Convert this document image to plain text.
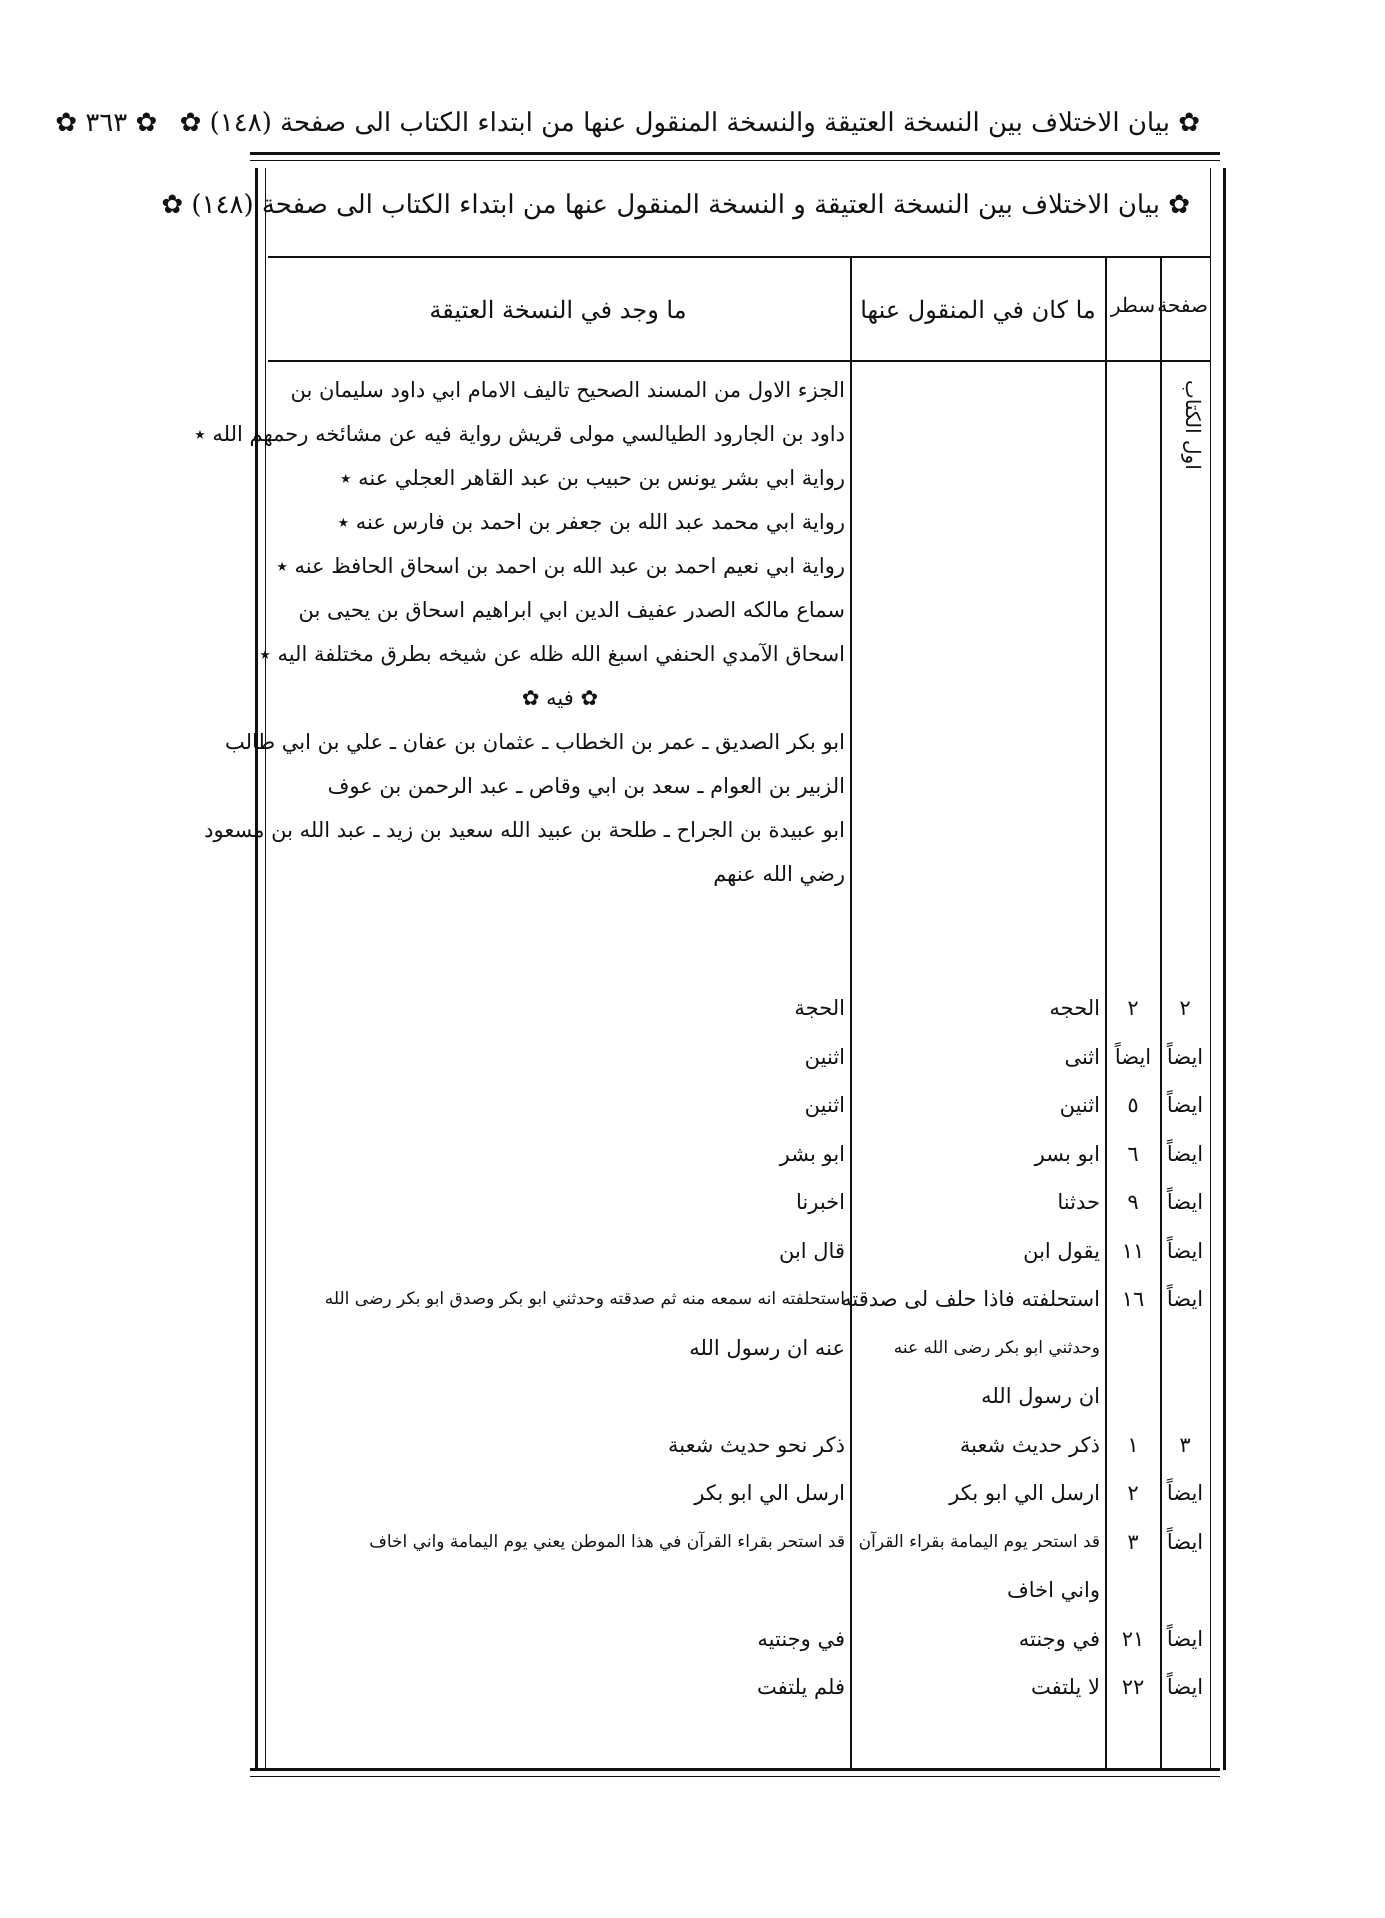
✿ بيان الاختلاف بين النسخة العتيقة والنسخة المنقول عنها من ابتداء الكتاب الى صفحة (١٤٨) ✿ ✿ ٣٦٣ ✿
✿ بيان الاختلاف بين النسخة العتيقة و النسخة المنقول عنها من ابتداء الكتاب الى صفحة (١٤٨) ✿
صفحة
سطر
ما كان في المنقول عنها
ما وجد في النسخة العتيقة
اول الكتاب
الجزء الاول من المسند الصحيح تاليف الامام ابي داود سليمان بن
داود بن الجارود الطيالسي مولى قريش رواية فيه عن مشائخه رحمهم الله ٭
رواية ابي بشر يونس بن حبيب بن عبد القاهر العجلي عنه ٭
رواية ابي محمد عبد الله بن جعفر بن احمد بن فارس عنه ٭
رواية ابي نعيم احمد بن عبد الله بن احمد بن اسحاق الحافظ عنه ٭
سماع مالكه الصدر عفيف الدين ابي ابراهيم اسحاق بن يحيى بن
اسحاق الآمدي الحنفي اسبغ الله ظله عن شيخه بطرق مختلفة اليه ٭
✿ فيه ✿
ابو بكر الصديق ـ عمر بن الخطاب ـ عثمان بن عفان ـ علي بن ابي طالب
الزبير بن العوام ـ سعد بن ابي وقاص ـ عبد الرحمن بن عوف
ابو عبيدة بن الجراح ـ طلحة بن عبيد الله سعيد بن زيد ـ عبد الله بن مسعود
رضي الله عنهم
٢
٢
الحجه
الحجة
ايضاً
ايضاً
اثنى
اثنين
ايضاً
٥
اثنين
اثنين
ايضاً
٦
ابو بسر
ابو بشر
ايضاً
٩
حدثنا
اخبرنا
ايضاً
١١
يقول ابن
قال ابن
ايضاً
١٦
استحلفته فاذا حلف لى صدقته
استحلفته انه سمعه منه ثم صدقته وحدثني ابو بكر وصدق ابو بكر رضى الله
وحدثني ابو بكر رضى الله عنه
عنه ان رسول الله
ان رسول الله
٣
١
ذكر حديث شعبة
ذكر نحو حديث شعبة
ايضاً
٢
ارسل الي ابو بكر
ارسل الي ابو بكر
ايضاً
٣
قد استحر يوم اليمامة بقراء القرآن
قد استحر بقراء القرآن في هذا الموطن يعني يوم اليمامة واني اخاف
واني اخاف
ايضاً
٢١
في وجنته
في وجنتيه
ايضاً
٢٢
لا يلتفت
فلم يلتفت
